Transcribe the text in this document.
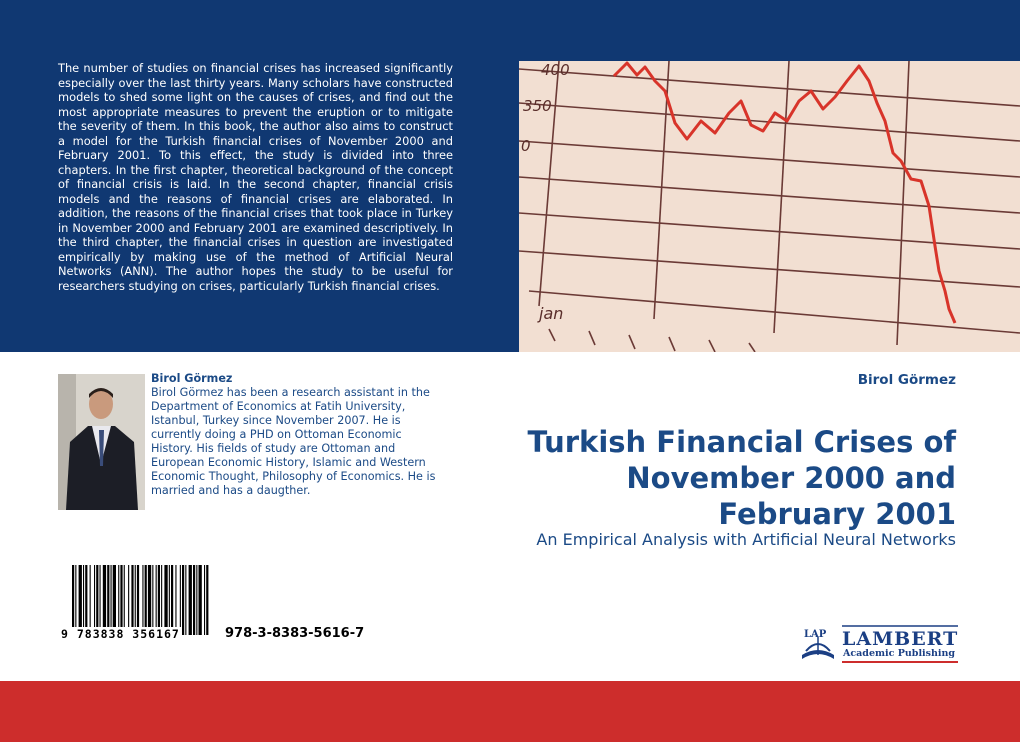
The number of studies on financial crises has increased significantly especially over the last thirty years. Many scholars have constructed models to shed some light on the causes of crises, and find out the most appropriate measures to prevent the eruption or to mitigate the severity of them. In this book, the author also aims to construct a model for the Turkish financial crises of November 2000 and February 2001. To this effect, the study is divided into three chapters. In the first chapter, theoretical background of the concept of financial crisis is laid. In the second chapter, financial crisis models and the reasons of financial crises are elaborated. In addition, the reasons of the financial crises that took place in Turkey in November 2000 and February 2001 are examined descriptively. In the third chapter, the financial crises in question are investigated empirically by making use of the method of Artificial Neural Networks (ANN). The author hopes the study to be useful for researchers studying on crises, particularly Turkish financial crises.

400
350
0
jan
Birol Görmez
Birol Görmez has been a research assistant in the Department of Economics at Fatih University, Istanbul, Turkey since November 2007. He is currently doing a PHD on Ottoman Economic History. His fields of study are Ottoman and European Economic History, Islamic and Western Economic Thought, Philosophy of Economics. He is married and has a daugther.
Birol Görmez
Turkish Financial Crises of November 2000 and February 2001
An Empirical Analysis with Artificial Neural Networks
9 783838 356167	978-3-8383-5616-7	LAP LAMBERT
Academic Publishing
